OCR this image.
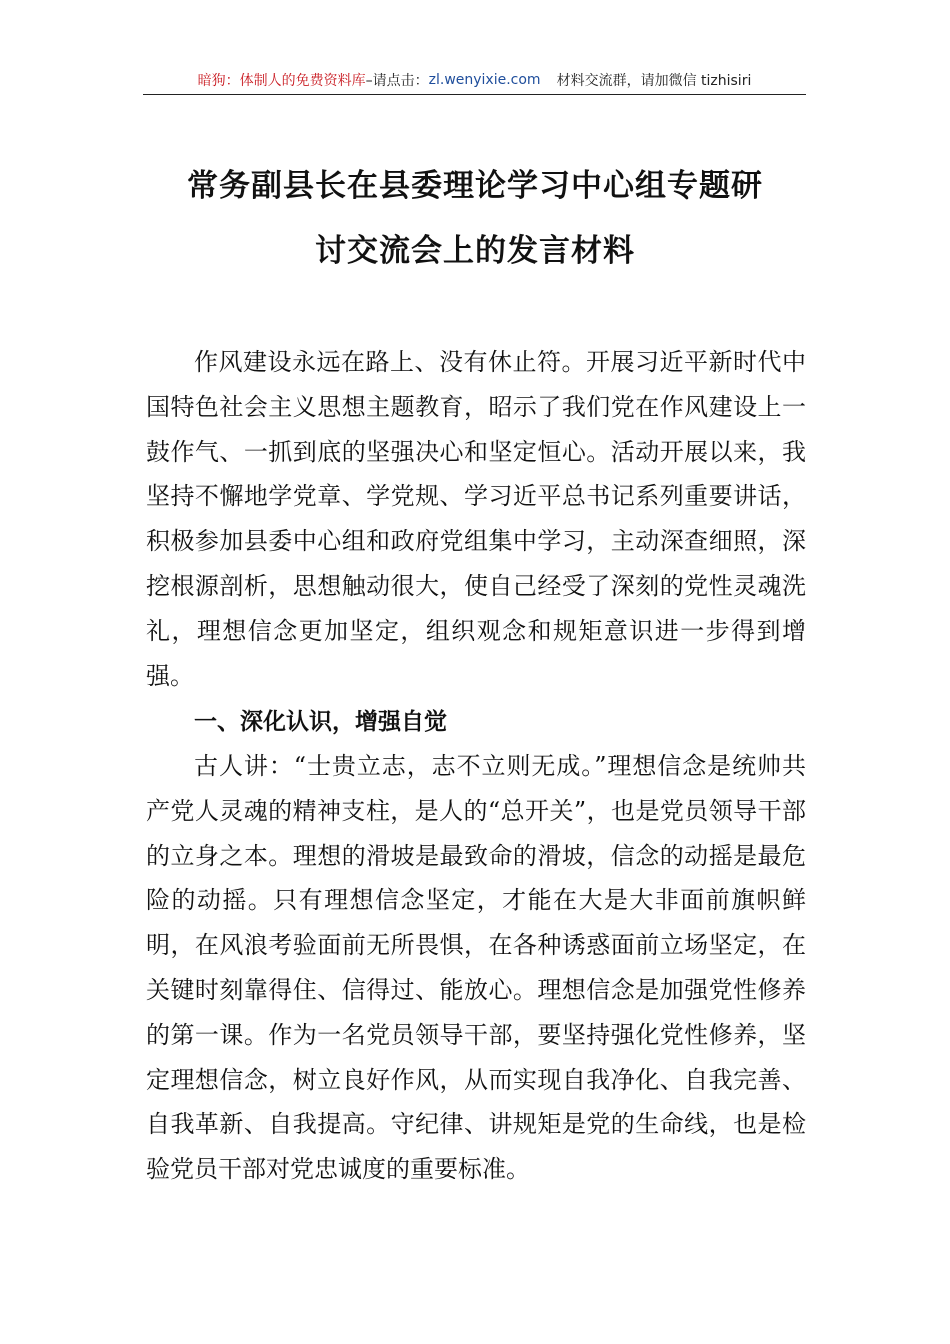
暗狗：体制人的免费资料库 –请点击： zl.wenyixie.com 材料交流群，请加微信 tizhisiri
常务副县长在县委理论学习中心组专题研
讨交流会上的发言材料

作风建设永远在路上、没有休止符。开展习近平新时代中国特色社会主义思想主题教育，昭示了我们党在作风建设上一鼓作气、一抓到底的坚强决心和坚定恒心。活动开展以来，我坚持不懈地学党章、学党规、学习近平总书记系列重要讲话，积极参加县委中心组和政府党组集中学习，主动深查细照，深挖根源剖析，思想触动很大，使自己经受了深刻的党性灵魂洗礼，理想信念更加坚定，组织观念和规矩意识进一步得到增强。

一、深化认识，增强自觉

古人讲：“士贵立志，志不立则无成。”理想信念是统帅共产党人灵魂的精神支柱，是人的“总开关”，也是党员领导干部的立身之本。理想的滑坡是最致命的滑坡，信念的动摇是最危险的动摇。只有理想信念坚定，才能在大是大非面前旗帜鲜明，在风浪考验面前无所畏惧，在各种诱惑面前立场坚定，在关键时刻靠得住、信得过、能放心。理想信念是加强党性修养的第一课。作为一名党员领导干部，要坚持强化党性修养，坚定理想信念，树立良好作风，从而实现自我净化、自我完善、自我革新、自我提高。守纪律、讲规矩是党的生命线，也是检验党员干部对党忠诚度的重要标准。
